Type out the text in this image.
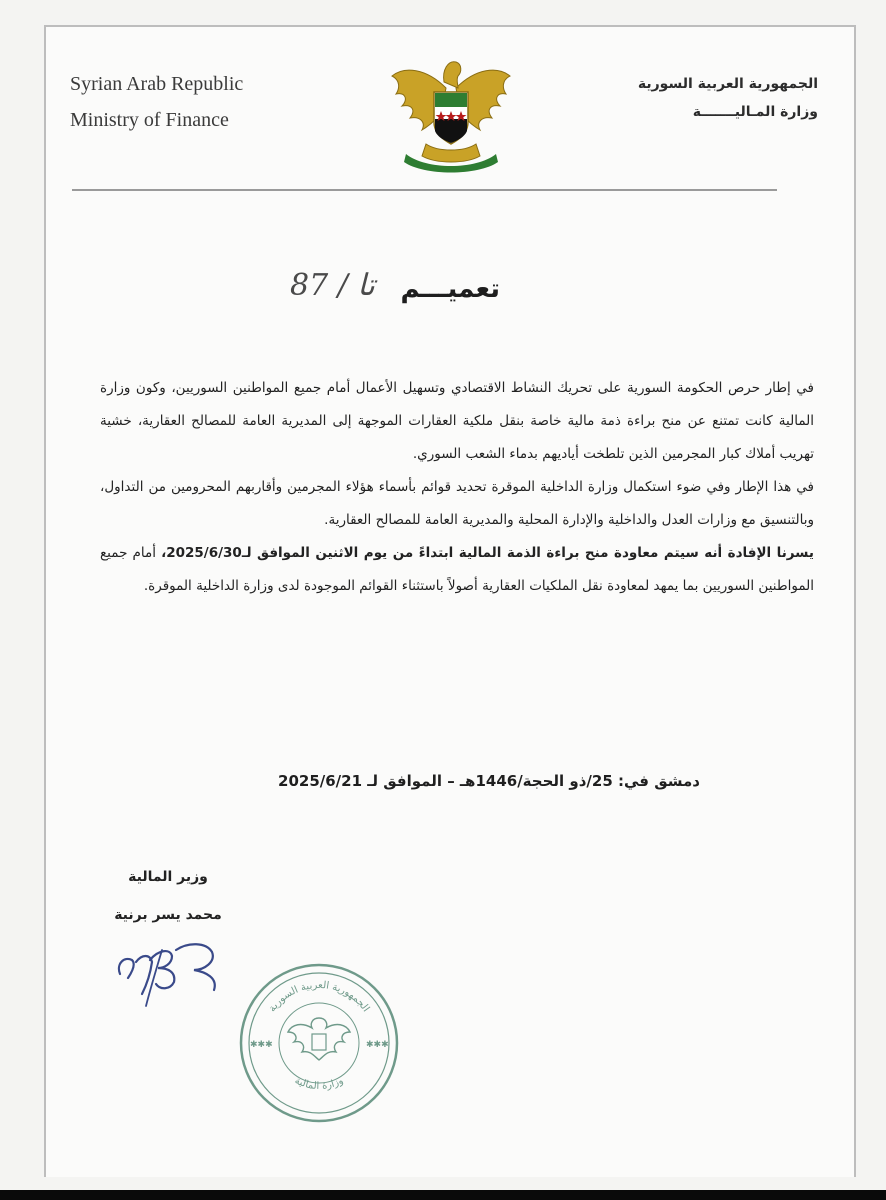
Syrian Arab Republic
Ministry of Finance
الجمهورية العربية السورية
وزارة المـاليـــــــة
تعميـــم
87 / تا

في إطار حرص الحكومة السورية على تحريك النشاط الاقتصادي وتسهيل الأعمال أمام جميع المواطنين السوريين، وكون وزارة المالية كانت تمتنع عن منح براءة ذمة مالية خاصة بنقل ملكية العقارات الموجهة إلى المديرية العامة للمصالح العقارية، خشية تهريب أملاك كبار المجرمين الذين تلطخت أياديهم بدماء الشعب السوري.

في هذا الإطار وفي ضوء استكمال وزارة الداخلية الموقرة تحديد قوائم بأسماء هؤلاء المجرمين وأقاربهم المحرومين من التداول، وبالتنسيق مع وزارات العدل والداخلية والإدارة المحلية والمديرية العامة للمصالح العقارية.

يسرنا الإفادة أنه سيتم معاودة منح براءة الذمة المالية ابتداءً من يوم الاثنين الموافق لـ2025/6/30، أمام جميع المواطنين السوريين بما يمهد لمعاودة نقل الملكيات العقارية أصولاً باستثناء القوائم الموجودة لدى وزارة الداخلية الموقرة.

دمشق في: 25/ذو الحجة/1446هـ – الموافق لـ 2025/6/21
وزير المالية
محمد يسر برنية
الجمهورية العربية السورية
وزارة المالية
✱✱✱	✱✱✱
